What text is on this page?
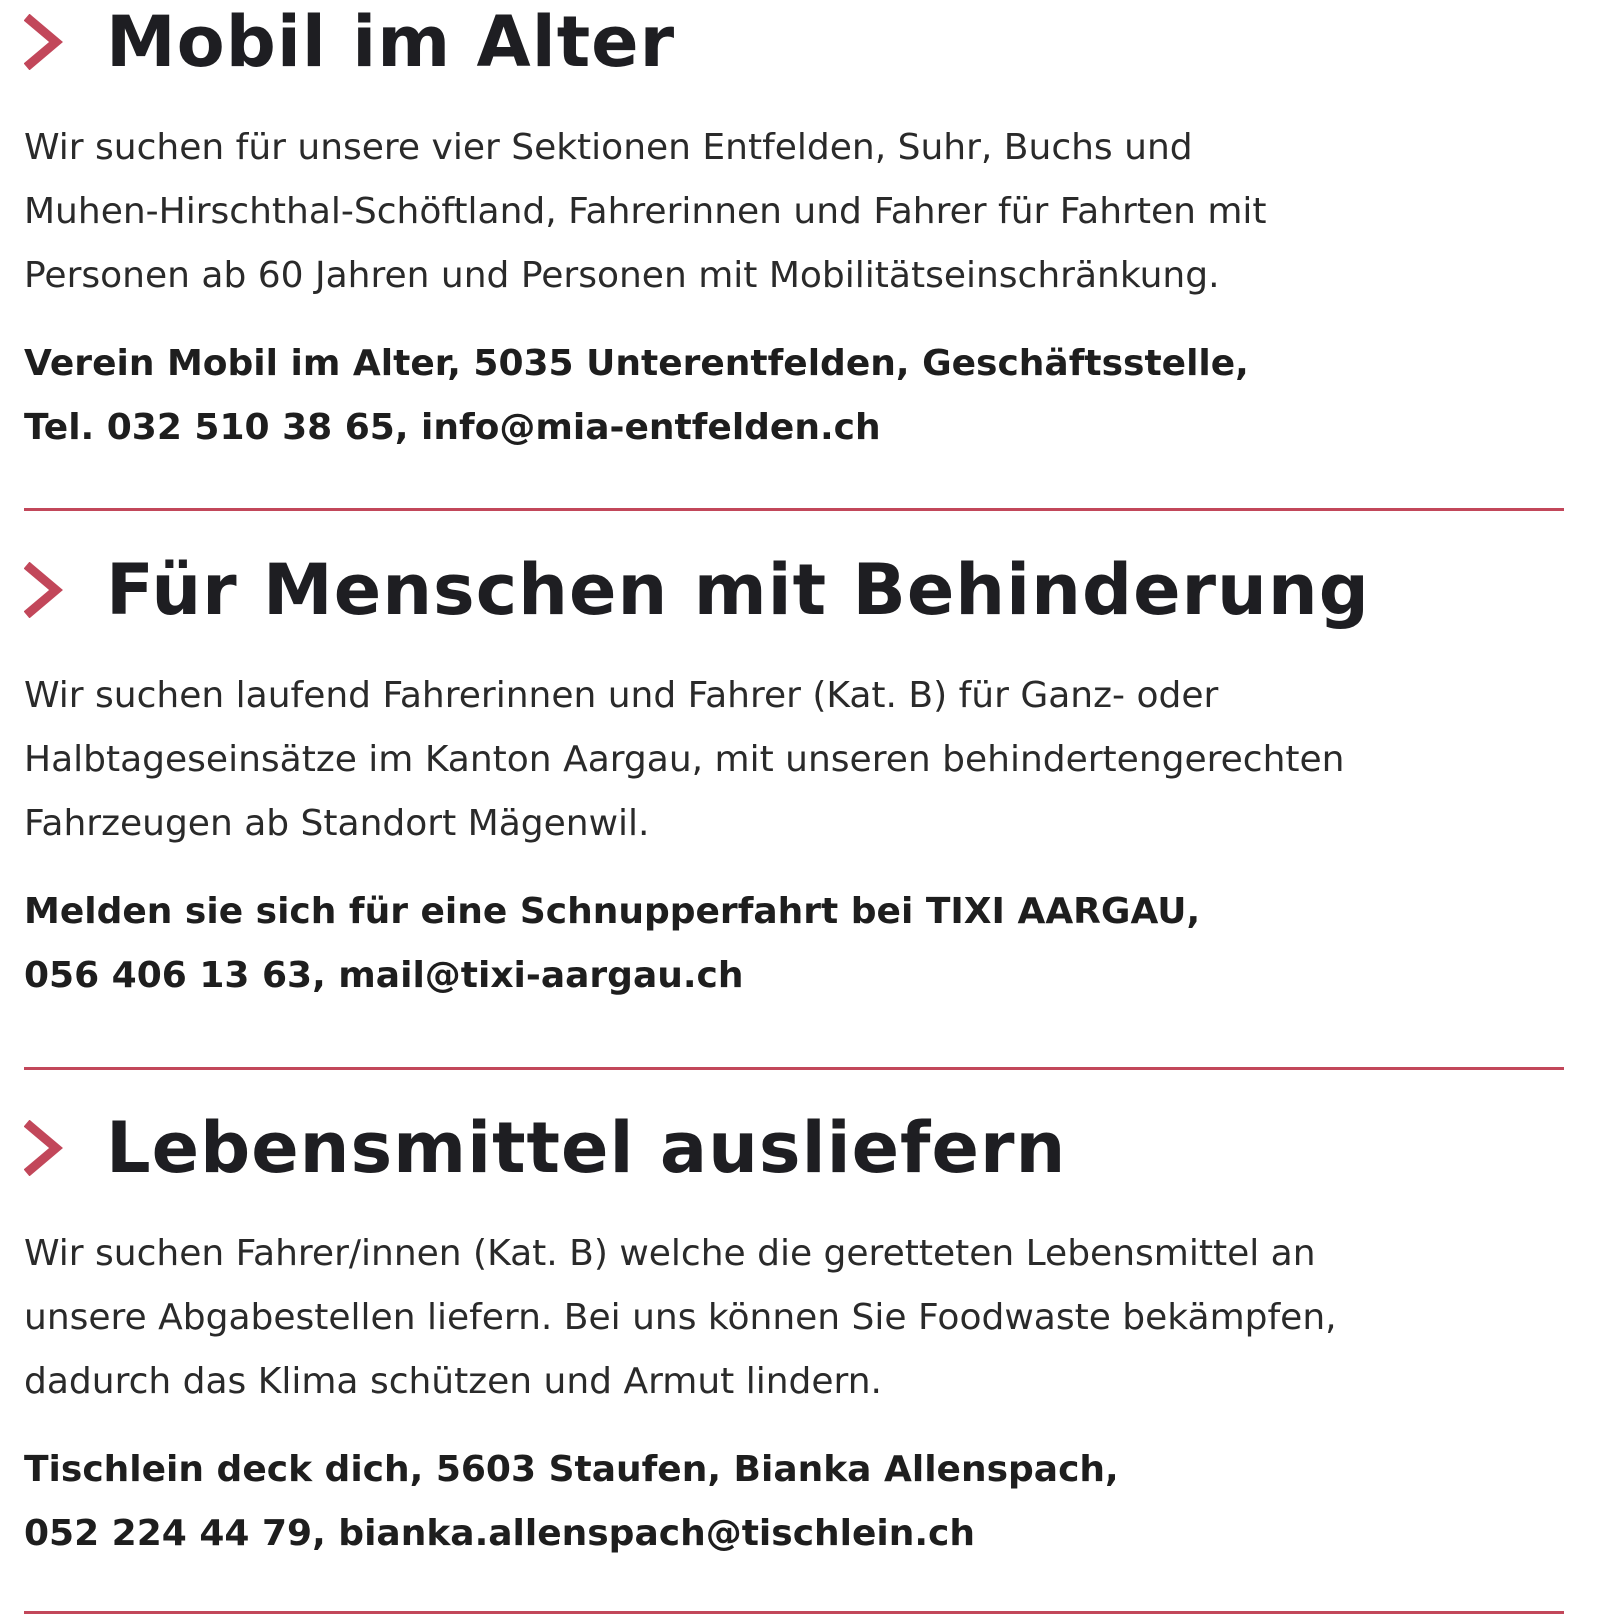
Mobil im Alter

Wir suchen für unsere vier Sektionen Entfelden, Suhr, Buchs und
Muhen-Hirschthal-Schöftland, Fahrerinnen und Fahrer für Fahrten mit
Personen ab 60 Jahren und Personen mit Mobilitätseinschränkung.

Verein Mobil im Alter, 5035 Unterentfelden, Geschäftsstelle,
Tel. 032 510 38 65, info@mia-entfelden.ch

Für Menschen mit Behinderung

Wir suchen laufend Fahrerinnen und Fahrer (Kat. B) für Ganz- oder
Halbtageseinsätze im Kanton Aargau, mit unseren behindertengerechten
Fahrzeugen ab Standort Mägenwil.

Melden sie sich für eine Schnupperfahrt bei TIXI AARGAU,
056 406 13 63, mail@tixi-aargau.ch

Lebensmittel ausliefern

Wir suchen Fahrer/innen (Kat. B) welche die geretteten Lebensmittel an
unsere Abgabestellen liefern. Bei uns können Sie Foodwaste bekämpfen,
dadurch das Klima schützen und Armut lindern.

Tischlein deck dich, 5603 Staufen, Bianka Allenspach,
052 224 44 79, bianka.allenspach@tischlein.ch
